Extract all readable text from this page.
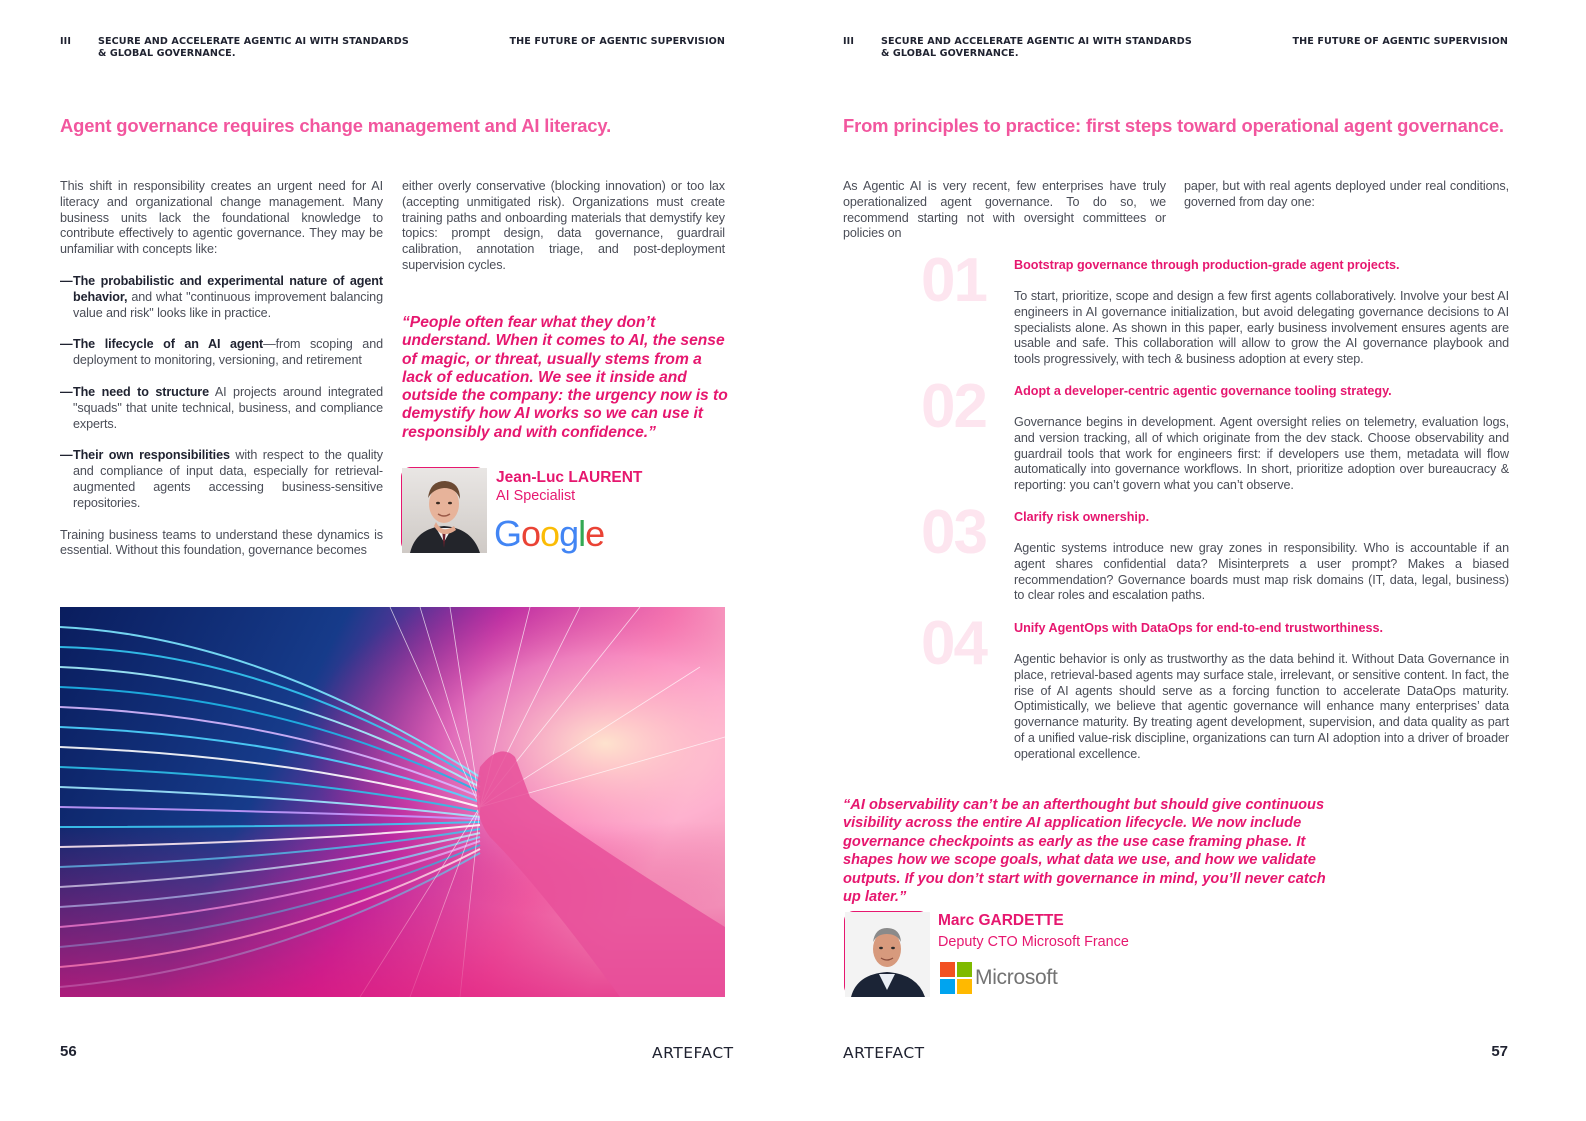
III	SECURE AND ACCELERATE AGENTIC AI WITH STANDARDS
& GLOBAL GOVERNANCE.
THE FUTURE OF AGENTIC SUPERVISION
Agent governance requires change management and AI literacy.

This shift in responsibility creates an urgent need for AI literacy and organizational change management. Many business units lack the foundational knowledge to contribute effectively to agentic governance. They may be unfamiliar with concepts like:

— The probabilistic and experimental nature of agent behavior, and what "continuous improvement balancing value and risk" looks like in practice.
— The lifecycle of an AI agent—from scoping and deployment to monitoring, versioning, and retirement
— The need to structure AI projects around integrated "squads" that unite technical, business, and compliance experts.
— Their own responsibilities with respect to the quality and compliance of input data, especially for retrieval-augmented agents accessing business-sensitive repositories.

Training business teams to understand these dynamics is essential. Without this foundation, governance becomes

either overly conservative (blocking innovation) or too lax (accepting unmitigated risk). Organizations must create training paths and onboarding materials that demystify key topics: prompt design, data governance, guardrail calibration, annotation triage, and post-deployment supervision cycles.

“People often fear what they don’t understand. When it comes to AI, the sense of magic, or threat, usually stems from a lack of education. We see it inside and outside the company: the urgency now is to demystify how AI works so we can use it responsibly and with confidence.”
Jean-Luc LAURENT
AI Specialist
Google
56	ARTEFACT
III	SECURE AND ACCELERATE AGENTIC AI WITH STANDARDS
& GLOBAL GOVERNANCE.
THE FUTURE OF AGENTIC SUPERVISION
From principles to practice: first steps toward operational agent governance.
As Agentic AI is very recent, few enterprises have truly operationalized agent governance. To do so, we recommend starting not with oversight committees or policies on
paper, but with real agents deployed under real conditions, governed from day one:
01 Bootstrap governance through production-grade agent projects.
To start, prioritize, scope and design a few first agents collaboratively. Involve your best AI engineers in AI governance initialization, but avoid delegating governance decisions to AI specialists alone. As shown in this paper, early business involvement ensures agents are usable and safe. This collaboration will allow to grow the AI governance playbook and tools progressively, with tech & business adoption at every step.
02 Adopt a developer-centric agentic governance tooling strategy.
Governance begins in development. Agent oversight relies on telemetry, evaluation logs, and version tracking, all of which originate from the dev stack. Choose observability and guardrail tools that work for engineers first: if developers use them, metadata will flow automatically into governance workflows. In short, prioritize adoption over bureaucracy & reporting: you can’t govern what you can’t observe.
03 Clarify risk ownership.
Agentic systems introduce new gray zones in responsibility. Who is accountable if an agent shares confidential data? Misinterprets a user prompt? Makes a biased recommendation? Governance boards must map risk domains (IT, data, legal, business) to clear roles and escalation paths.
04 Unify AgentOps with DataOps for end-to-end trustworthiness.
Agentic behavior is only as trustworthy as the data behind it. Without Data Governance in place, retrieval-based agents may surface stale, irrelevant, or sensitive content. In fact, the rise of AI agents should serve as a forcing function to accelerate DataOps maturity. Optimistically, we believe that agentic governance will enhance many enterprises’ data governance maturity. By treating agent development, supervision, and data quality as part of a unified value-risk discipline, organizations can turn AI adoption into a driver of broader operational excellence.
“AI observability can’t be an afterthought but should give continuous visibility across the entire AI application lifecycle. We now include governance checkpoints as early as the use case framing phase. It shapes how we scope goals, what data we use, and how we validate outputs. If you don’t start with governance in mind, you’ll never catch up later.”
Marc GARDETTE
Deputy CTO Microsoft France
Microsoft
ARTEFACT	57
